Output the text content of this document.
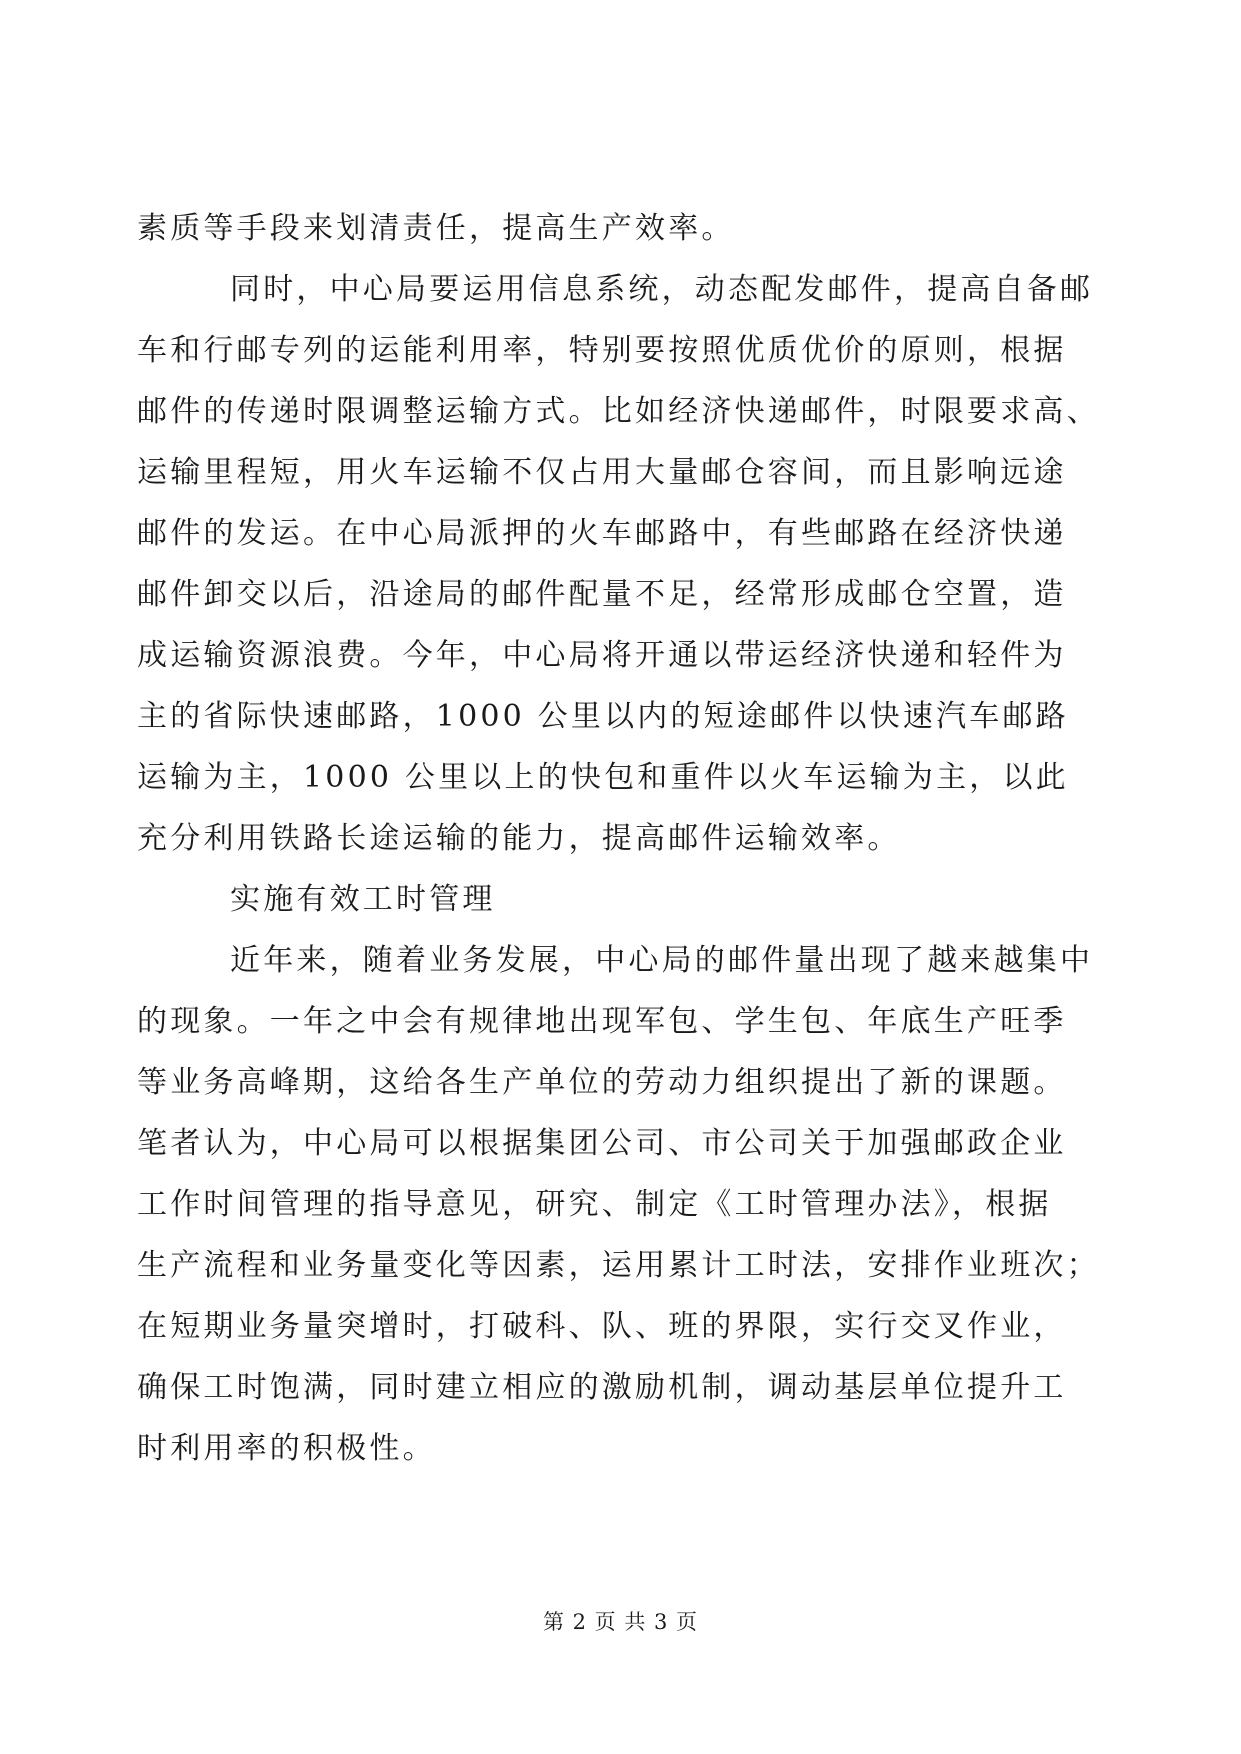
素质等手段来划清责任，提高生产效率。
同时，中心局要运用信息系统，动态配发邮件，提高自备邮
车和行邮专列的运能利用率，特别要按照优质优价的原则，根据
邮件的传递时限调整运输方式。比如经济快递邮件，时限要求高、
运输里程短，用火车运输不仅占用大量邮仓容间，而且影响远途
邮件的发运。在中心局派押的火车邮路中，有些邮路在经济快递
邮件卸交以后，沿途局的邮件配量不足，经常形成邮仓空置，造
成运输资源浪费。今年，中心局将开通以带运经济快递和轻件为
主的省际快速邮路，1000 公里以内的短途邮件以快速汽车邮路
运输为主，1000 公里以上的快包和重件以火车运输为主，以此
充分利用铁路长途运输的能力，提高邮件运输效率。
实施有效工时管理
近年来，随着业务发展，中心局的邮件量出现了越来越集中
的现象。一年之中会有规律地出现军包、学生包、年底生产旺季
等业务高峰期，这给各生产单位的劳动力组织提出了新的课题。
笔者认为，中心局可以根据集团公司、市公司关于加强邮政企业
工作时间管理的指导意见，研究、制定《工时管理办法》，根据
生产流程和业务量变化等因素，运用累计工时法，安排作业班次；
在短期业务量突增时，打破科、队、班的界限，实行交叉作业，
确保工时饱满，同时建立相应的激励机制，调动基层单位提升工
时利用率的积极性。
第 2 页 共 3 页
